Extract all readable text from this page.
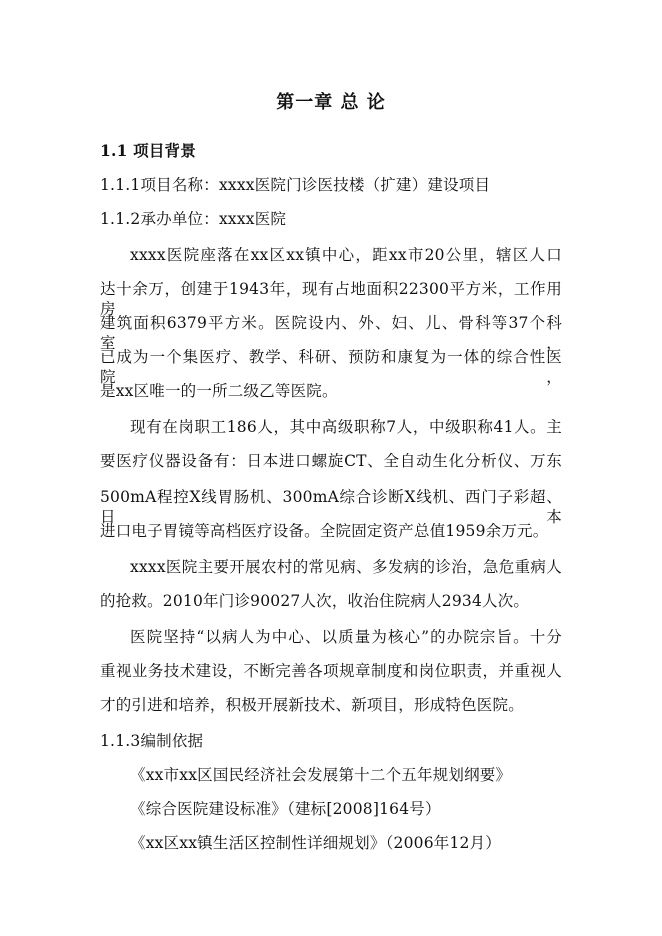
第一章 总 论
1.1 项目背景
1.1.1项目名称：xxxx医院门诊医技楼（扩建）建设项目
1.1.2承办单位：xxxx医院
xxxx医院座落在xx区xx镇中心，距xx市20公里，辖区人口
达十余万，创建于1943年，现有占地面积22300平方米，工作用房
建筑面积6379平方米。医院设内、外、妇、儿、骨科等37个科室，
已成为一个集医疗、教学、科研、预防和康复为一体的综合性医院，
是xx区唯一的一所二级乙等医院。
现有在岗职工186人，其中高级职称7人，中级职称41人。主
要医疗仪器设备有：日本进口螺旋CT、全自动生化分析仪、万东
500mA程控X线胃肠机、300mA综合诊断X线机、西门子彩超、日本
进口电子胃镜等高档医疗设备。全院固定资产总值1959余万元。
xxxx医院主要开展农村的常见病、多发病的诊治，急危重病人
的抢救。2010年门诊90027人次，收治住院病人2934人次。
医院坚持“以病人为中心、以质量为核心”的办院宗旨。十分
重视业务技术建设，不断完善各项规章制度和岗位职责，并重视人
才的引进和培养，积极开展新技术、新项目，形成特色医院。
1.1.3编制依据
《xx市xx区国民经济社会发展第十二个五年规划纲要》
《综合医院建设标准》（建标[2008]164号）
《xx区xx镇生活区控制性详细规划》（2006年12月）
